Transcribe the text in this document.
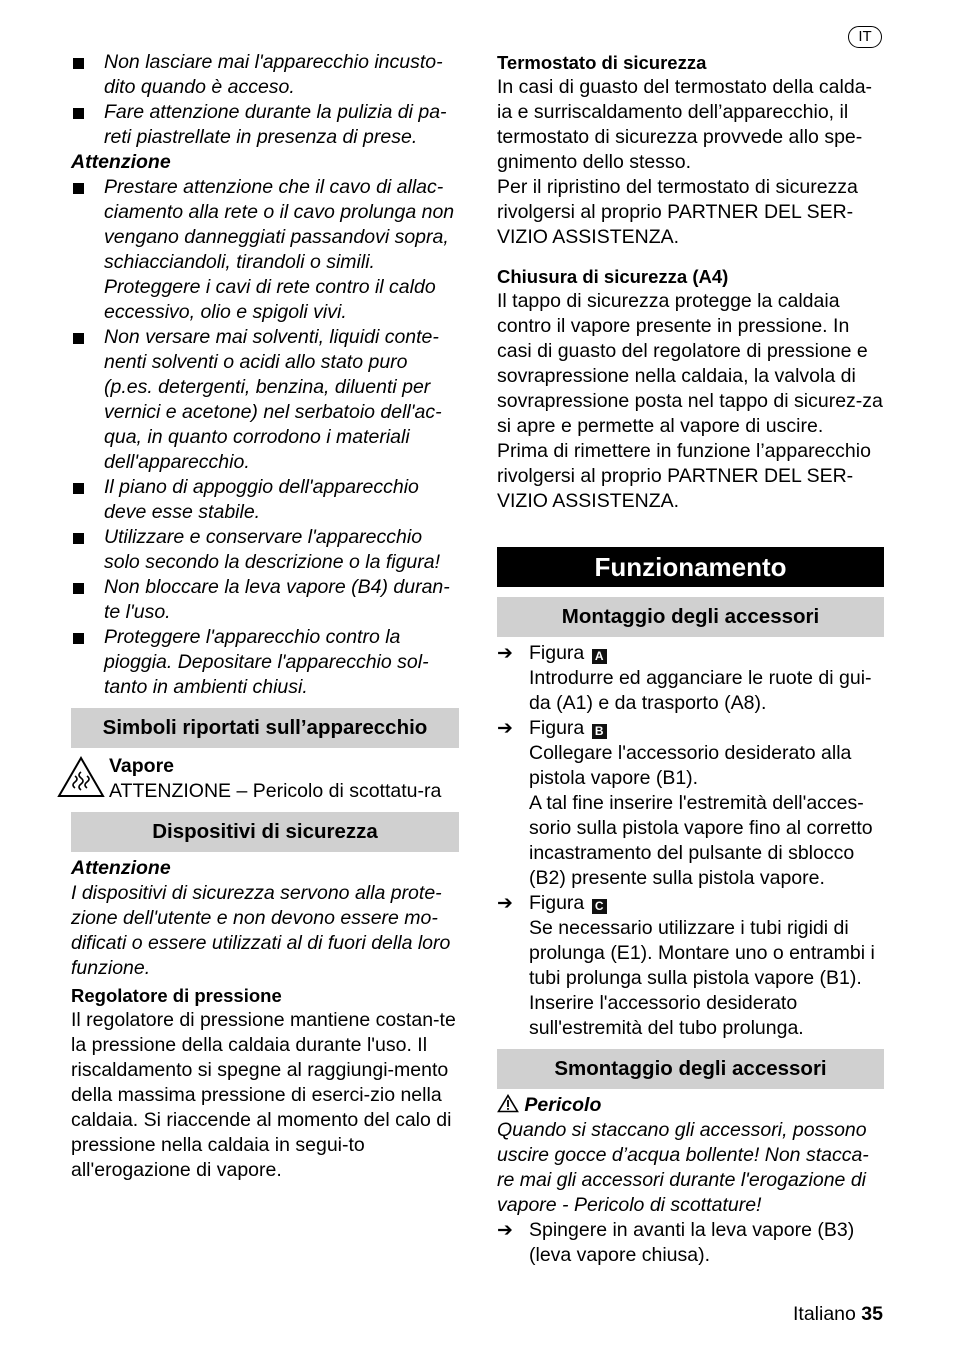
IT
Non lasciare mai l'apparecchio incusto-dito quando è acceso.
Fare attenzione durante la pulizia di pa-reti piastrellate in presenza di prese.

Attenzione

Prestare attenzione che il cavo di allac-ciamento alla rete o il cavo prolunga non vengano danneggiati passandovi sopra, schiacciandoli, tirandoli o simili. Proteggere i cavi di rete contro il caldo eccessivo, olio e spigoli vivi.
Non versare mai solventi, liquidi conte-nenti solventi o acidi allo stato puro (p.es. detergenti, benzina, diluenti per vernici e acetone) nel serbatoio dell'ac-qua, in quanto corrodono i materiali dell'apparecchio.
Il piano di appoggio dell'apparecchio deve esse stabile.
Utilizzare e conservare l'apparecchio solo secondo la descrizione o la figura!
Non bloccare la leva vapore (B4) duran-te l'uso.
Proteggere l'apparecchio contro la pioggia. Depositare l'apparecchio sol-tanto in ambienti chiusi.
Simboli riportati sull’apparecchio

Vapore

ATTENZIONE – Pericolo di scottatu-ra

Dispositivi di sicurezza

Attenzione

I dispositivi di sicurezza servono alla prote-zione dell'utente e non devono essere mo-dificati o essere utilizzati al di fuori della loro funzione.

Regolatore di pressione

Il regolatore di pressione mantiene costan-te la pressione della caldaia durante l'uso. Il riscaldamento si spegne al raggiungi-mento della massima pressione di eserci-zio nella caldaia. Si riaccende al momento del calo di pressione nella caldaia in segui-to all'erogazione di vapore.

Termostato di sicurezza

In casi di guasto del termostato della calda-ia e surriscaldamento dell’apparecchio, il termostato di sicurezza provvede allo spe-gnimento dello stesso.

Per il ripristino del termostato di sicurezza rivolgersi al proprio PARTNER DEL SER-VIZIO ASSISTENZA.

Chiusura di sicurezza (A4)

Il tappo di sicurezza protegge la caldaia contro il vapore presente in pressione. In casi di guasto del regolatore di pressione e sovrapressione nella caldaia, la valvola di sovrapressione posta nel tappo di sicurez-za si apre e permette al vapore di uscire.

Prima di rimettere in funzione l’apparecchio rivolgersi al proprio PARTNER DEL SER-VIZIO ASSISTENZA.

Funzionamento
Montaggio degli accessori
➔ Figura A

Introdurre ed agganciare le ruote di gui-da (A1) e da trasporto (A8).

➔ Figura B

Collegare l'accessorio desiderato alla pistola vapore (B1).

A tal fine inserire l'estremità dell'acces-sorio sulla pistola vapore fino al corretto incastramento del pulsante di sblocco (B2) presente sulla pistola vapore.

➔ Figura C

Se necessario utilizzare i tubi rigidi di prolunga (E1). Montare uno o entrambi i tubi prolunga sulla pistola vapore (B1).

Inserire l'accessorio desiderato sull'estremità del tubo prolunga.

Smontaggio degli accessori

Pericolo

Quando si staccano gli accessori, possono uscire gocce d’acqua bollente! Non stacca-re mai gli accessori durante l'erogazione di vapore - Pericolo di scottature!

➔ Spingere in avanti la leva vapore (B3) (leva vapore chiusa).

Italiano 35
